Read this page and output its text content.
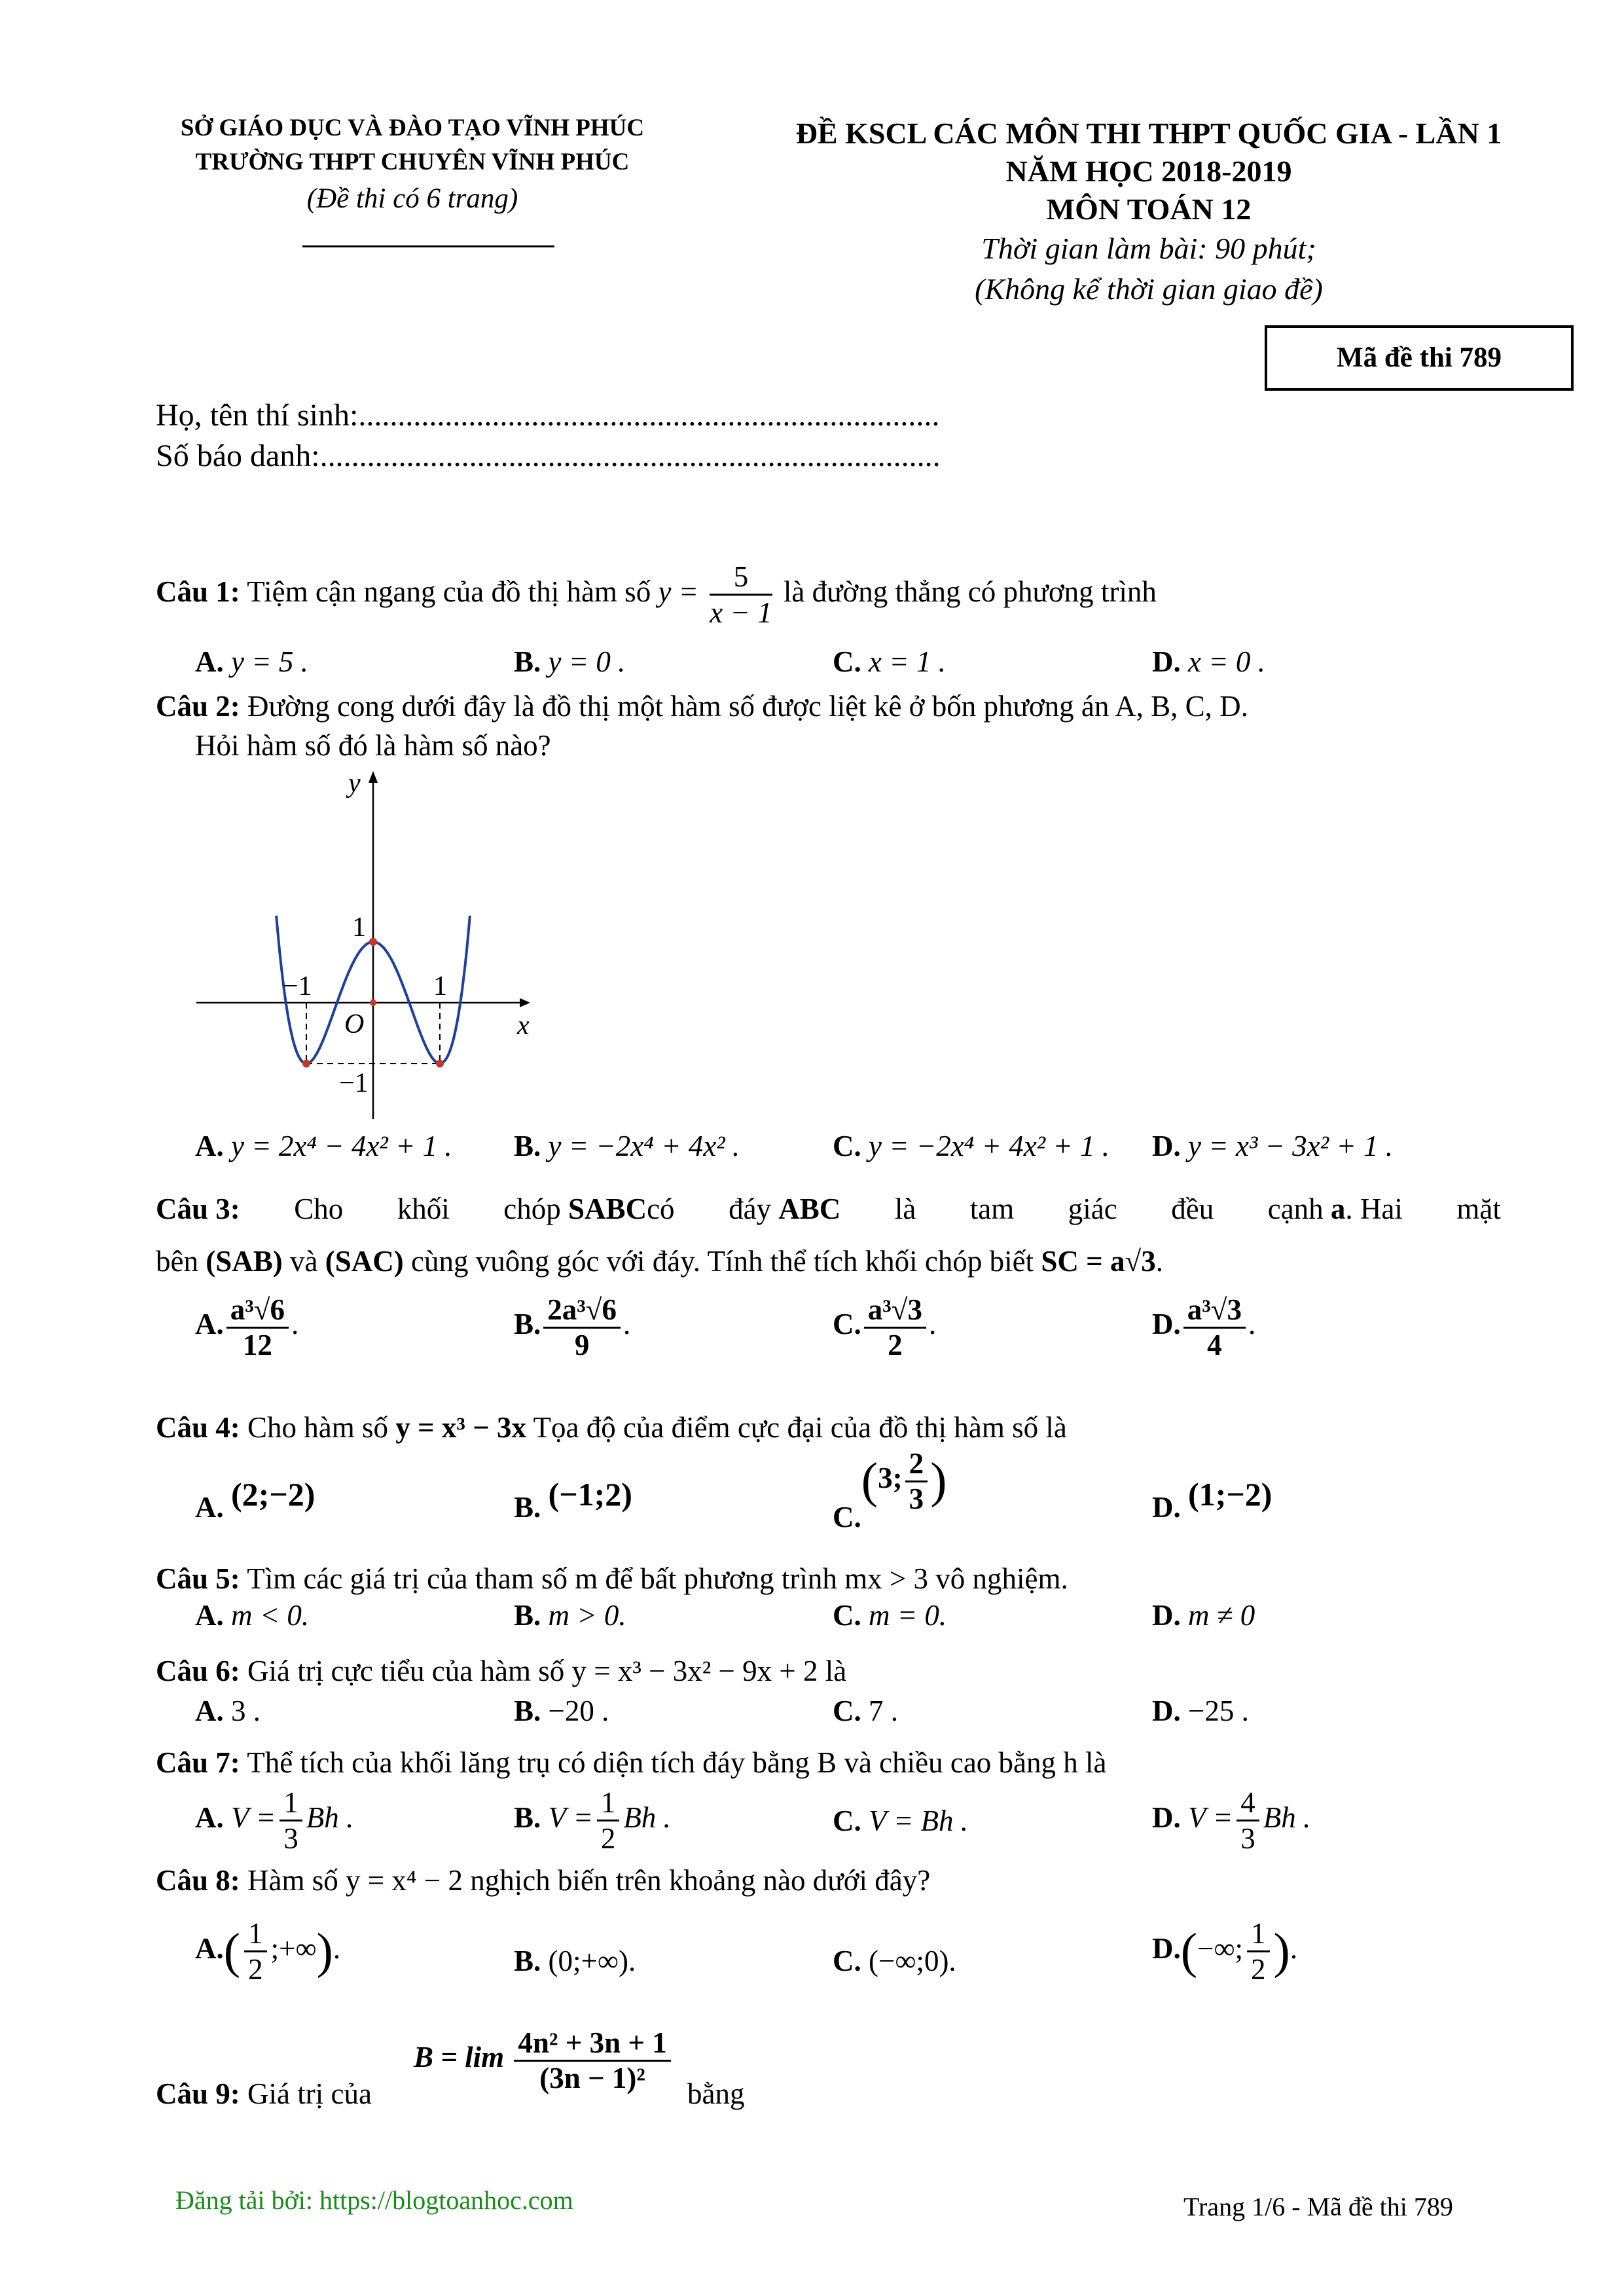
SỞ GIÁO DỤC VÀ ĐÀO TẠO VĨNH PHÚC
TRƯỜNG THPT CHUYÊN VĨNH PHÚC
(Đề thi có 6 trang)
ĐỀ KSCL CÁC MÔN THI THPT QUỐC GIA - LẦN 1
NĂM HỌC 2018-2019
MÔN TOÁN 12
Thời gian làm bài: 90 phút;
(Không kể thời gian giao đề)
Mã đề thi 789
Họ, tên thí sinh:..........................................................................
Số báo danh:...............................................................................
Câu 1: Tiệm cận ngang của đồ thị hàm số $y = \frac{5}{x - 1}$ là đường thẳng có phương trình
A. y = 5 .	B. y = 0 .	C. x = 1 .	D. x = 0 .
Câu 2: Đường cong dưới đây là đồ thị một hàm số được liệt kê ở bốn phương án A, B, C, D.
Hỏi hàm số đó là hàm số nào?
y
x
O
−1	1
1
−1
A. y = 2x⁴ − 4x² + 1 . B. y = −2x⁴ + 4x² .	C. y = −2x⁴ + 4x² + 1 . D. y = x³ − 3x² + 1 .
Câu 3: Cho khối chóp SABCcó đáy ABC là tam giác đều cạnh a. Hai mặt
bên (SAB) và (SAC) cùng vuông góc với đáy. Tính thể tích khối chóp biết SC = a√3.
A. $\frac{\text{a³√6}}{12}$ .	B. $\frac{\text{2a³√6}}{9}$ .	C. $\frac{\text{a³√3}}{2}$ .	D. $\frac{\text{a³√3}}{4}$ .
Câu 4: Cho hàm số y = x³ − 3x Tọa độ của điểm cực đại của đồ thị hàm số là
A. (2;−2)	B. (−1;2)
C.(3; $\frac{2}{3}$ )	D. (1;−2)
Câu 5: Tìm các giá trị của tham số m để bất phương trình mx > 3 vô nghiệm.
A. m < 0.	B. m > 0.	C. m = 0.	D. m ≠ 0
Câu 6: Giá trị cực tiểu của hàm số y = x³ − 3x² − 9x + 2 là
A. 3 .	B. −20 .	C. 7 .	D. −25 .
Câu 7: Thể tích của khối lăng trụ có diện tích đáy bằng B và chiều cao bằng h là
A. $V = \frac{1}{3}$ Bh .	B. $V = \frac{1}{2}$ Bh .	C. V = Bh .	D. $V = \frac{4}{3}$ Bh .
Câu 8: Hàm số y = x⁴ − 2 nghịch biến trên khoảng nào dưới đây?
$A.( \frac{1}{2}$ ;+∞).	B. (0;+∞).	C. (−∞;0).	D.(−∞; $\frac{1}{2}$ ).
Câu 9: Giá trị của
$B = \lim \frac{\text{4n² + 3n + 1}}{\text{(3n − 1)²}}$ bằng
Đăng tải bởi: https://blogtoanhoc.com	Trang 1/6 - Mã đề thi 789
